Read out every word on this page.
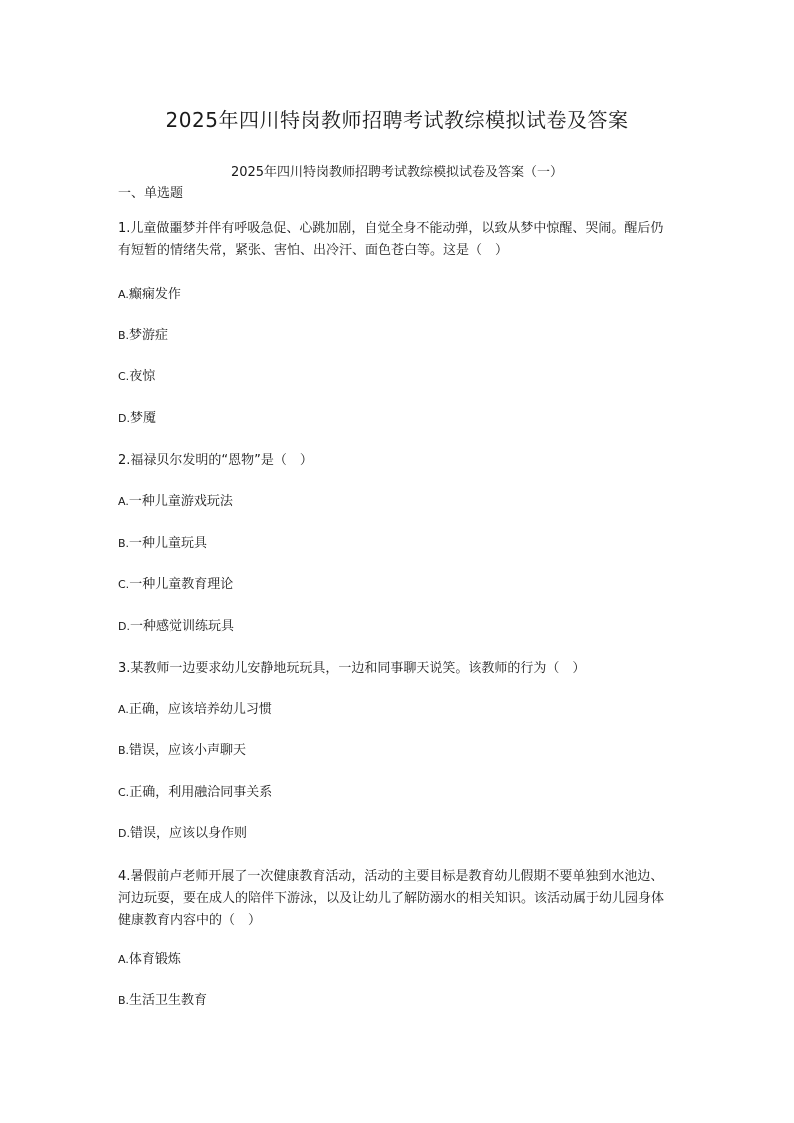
2025年四川特岗教师招聘考试教综模拟试卷及答案
2025年四川特岗教师招聘考试教综模拟试卷及答案（一）
一、单选题

1.儿童做噩梦并伴有呼吸急促、心跳加剧，自觉全身不能动弹，以致从梦中惊醒、哭闹。醒后仍有短暂的情绪失常，紧张、害怕、出冷汗、面色苍白等。这是（　）

A.癫痫发作

B.梦游症

C.夜惊

D.梦魇

2.福禄贝尔发明的“恩物”是（　）

A.一种儿童游戏玩法

B.一种儿童玩具

C.一种儿童教育理论

D.一种感觉训练玩具

3.某教师一边要求幼儿安静地玩玩具，一边和同事聊天说笑。该教师的行为（　）

A.正确，应该培养幼儿习惯

B.错误，应该小声聊天

C.正确，利用融洽同事关系

D.错误，应该以身作则

4.暑假前卢老师开展了一次健康教育活动，活动的主要目标是教育幼儿假期不要单独到水池边、河边玩耍，要在成人的陪伴下游泳，以及让幼儿了解防溺水的相关知识。该活动属于幼儿园身体健康教育内容中的（　）

A.体育锻炼

B.生活卫生教育
